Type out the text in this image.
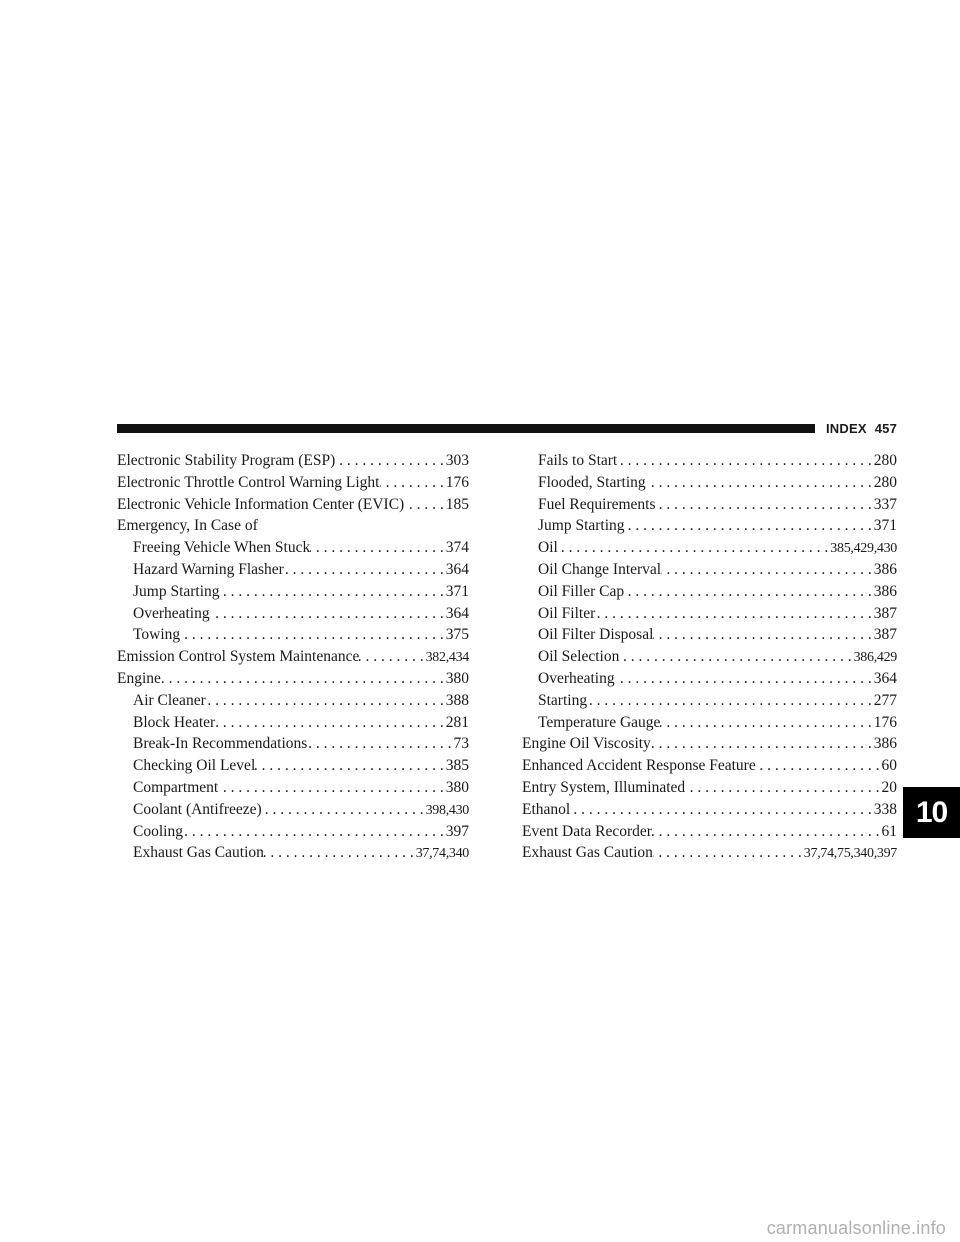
INDEX 457
Electronic Stability Program (ESP) . . .	303
Electronic Throttle Control Warning Light . . .	176
Electronic Vehicle Information Center (EVIC) . . .	185
Emergency, In Case of
Freeing Vehicle When Stuck . . .	374
Hazard Warning Flasher . . .	364
Jump Starting . . .	371
Overheating . . .	364
Towing . . .	375
Emission Control System Maintenance . . .	382,434
Engine . . .	380
Air Cleaner . . .	388
Block Heater . . .	281
Break-In Recommendations . . .	73
Checking Oil Level . . .	385
Compartment . . .	380
Coolant (Antifreeze) . . .	398,430
Cooling . . .	397
Exhaust Gas Caution . . .	37,74,340
Fails to Start . . .	280
Flooded, Starting . . .	280
Fuel Requirements . . .	337
Jump Starting . . .	371
Oil . . .	385,429,430
Oil Change Interval . . .	386
Oil Filler Cap . . .	386
Oil Filter . . .	387
Oil Filter Disposal . . .	387
Oil Selection . . .	386,429
Overheating . . .	364
Starting . . .	277
Temperature Gauge . . .	176
Engine Oil Viscosity . . .	386
Enhanced Accident Response Feature . . .	60
Entry System, Illuminated . . .	20
Ethanol . . .	338
Event Data Recorder . . .	61
Exhaust Gas Caution . . .	37,74,75,340,397
10
carmanualsonline.info
